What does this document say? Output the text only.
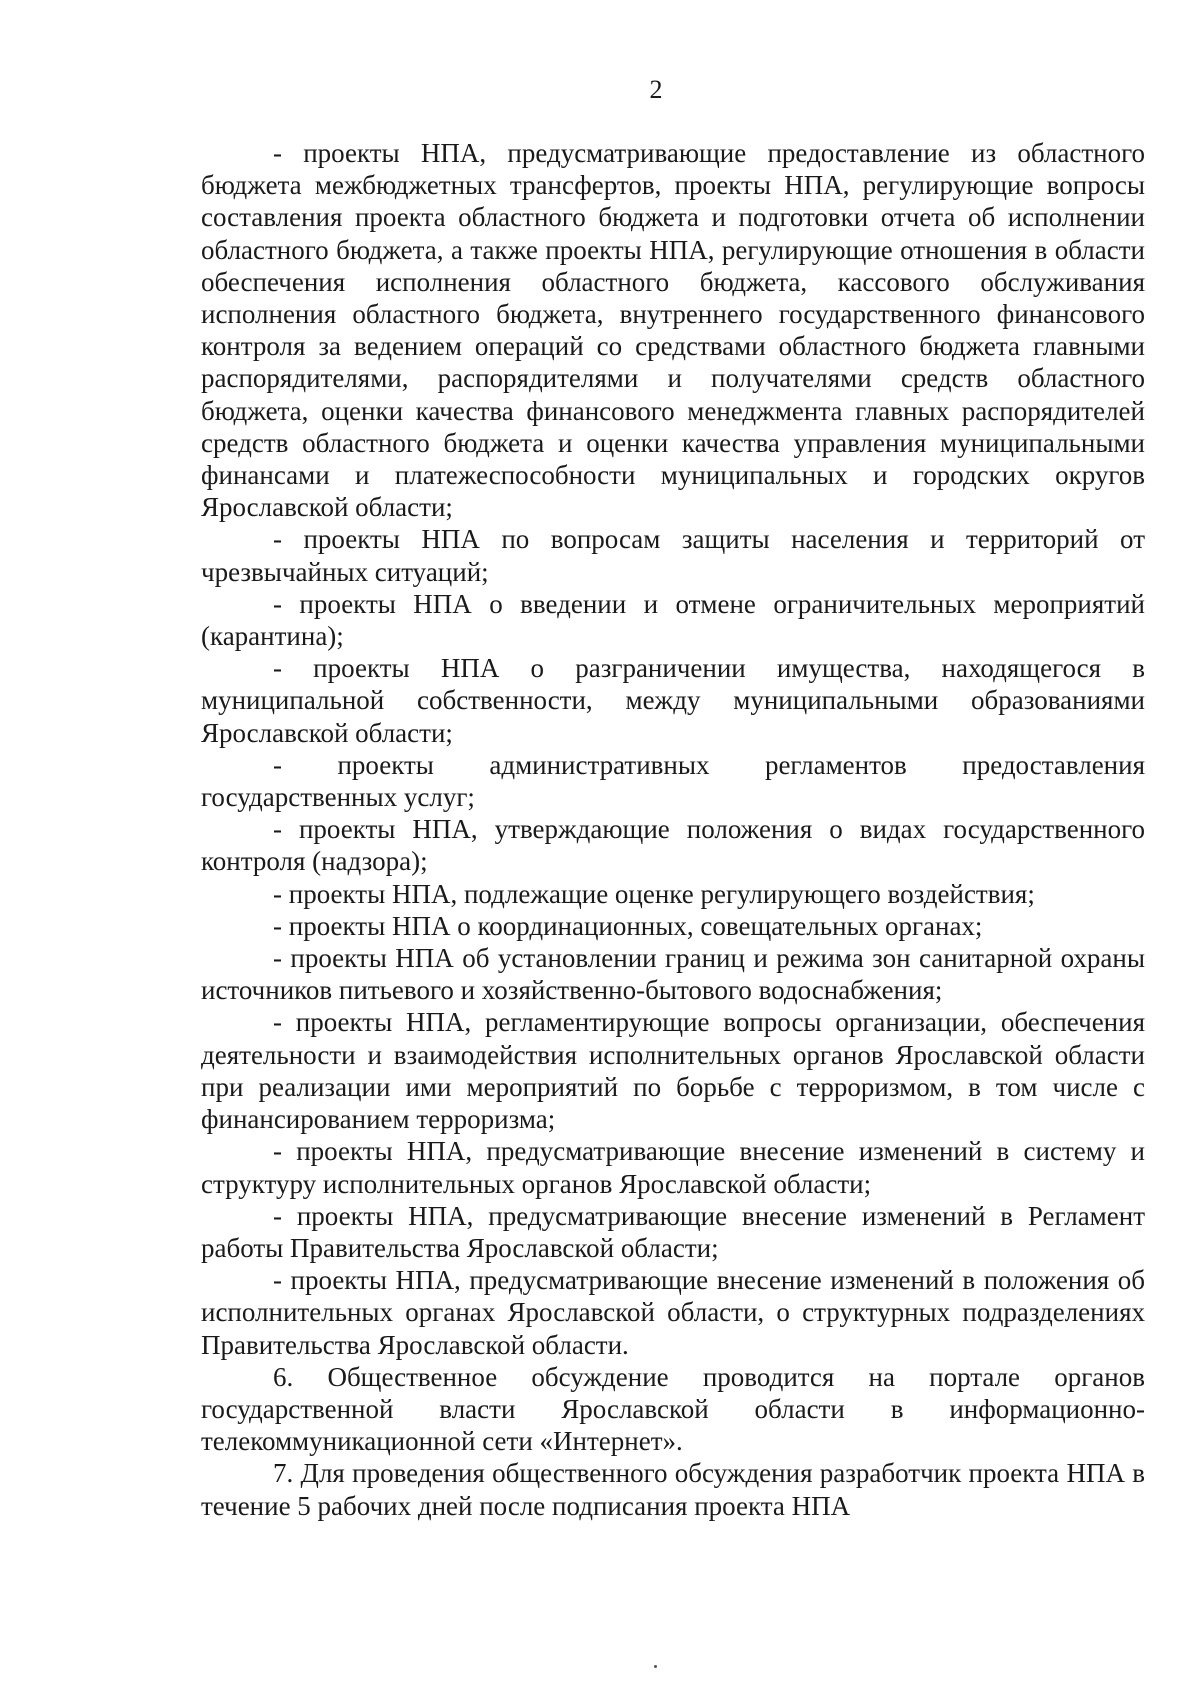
2

- проекты НПА, предусматривающие предоставление из областного бюджета межбюджетных трансфертов, проекты НПА, регулирующие вопросы составления проекта областного бюджета и подготовки отчета об исполнении областного бюджета, а также проекты НПА, регулирующие отношения в области обеспечения исполнения областного бюджета, кассового обслуживания исполнения областного бюджета, внутреннего государственного финансового контроля за ведением операций со средствами областного бюджета главными распорядителями, распорядителями и получателями средств областного бюджета, оценки качества финансового менеджмента главных распорядителей средств областного бюджета и оценки качества управления муниципальными финансами и платежеспособности муниципальных и городских округов Ярославской области;

- проекты НПА по вопросам защиты населения и территорий от чрезвычайных ситуаций;

- проекты НПА о введении и отмене ограничительных мероприятий (карантина);

- проекты НПА о разграничении имущества, находящегося в муниципальной собственности, между муниципальными образованиями Ярославской области;

- проекты административных регламентов предоставления государственных услуг;

- проекты НПА, утверждающие положения о видах государственного контроля (надзора);

- проекты НПА, подлежащие оценке регулирующего воздействия;

- проекты НПА о координационных, совещательных органах;

- проекты НПА об установлении границ и режима зон санитарной охраны источников питьевого и хозяйственно-бытового водоснабжения;

- проекты НПА, регламентирующие вопросы организации, обеспечения деятельности и взаимодействия исполнительных органов Ярославской области при реализации ими мероприятий по борьбе с терроризмом, в том числе с финансированием терроризма;

- проекты НПА, предусматривающие внесение изменений в систему и структуру исполнительных органов Ярославской области;

- проекты НПА, предусматривающие внесение изменений в Регламент работы Правительства Ярославской области;

- проекты НПА, предусматривающие внесение изменений в положения об исполнительных органах Ярославской области, о структурных подразделениях Правительства Ярославской области.

6. Общественное обсуждение проводится на портале органов государственной власти Ярославской области в информационно-телекоммуникационной сети «Интернет».

7. Для проведения общественного обсуждения разработчик проекта НПА в течение 5 рабочих дней после подписания проекта НПА
